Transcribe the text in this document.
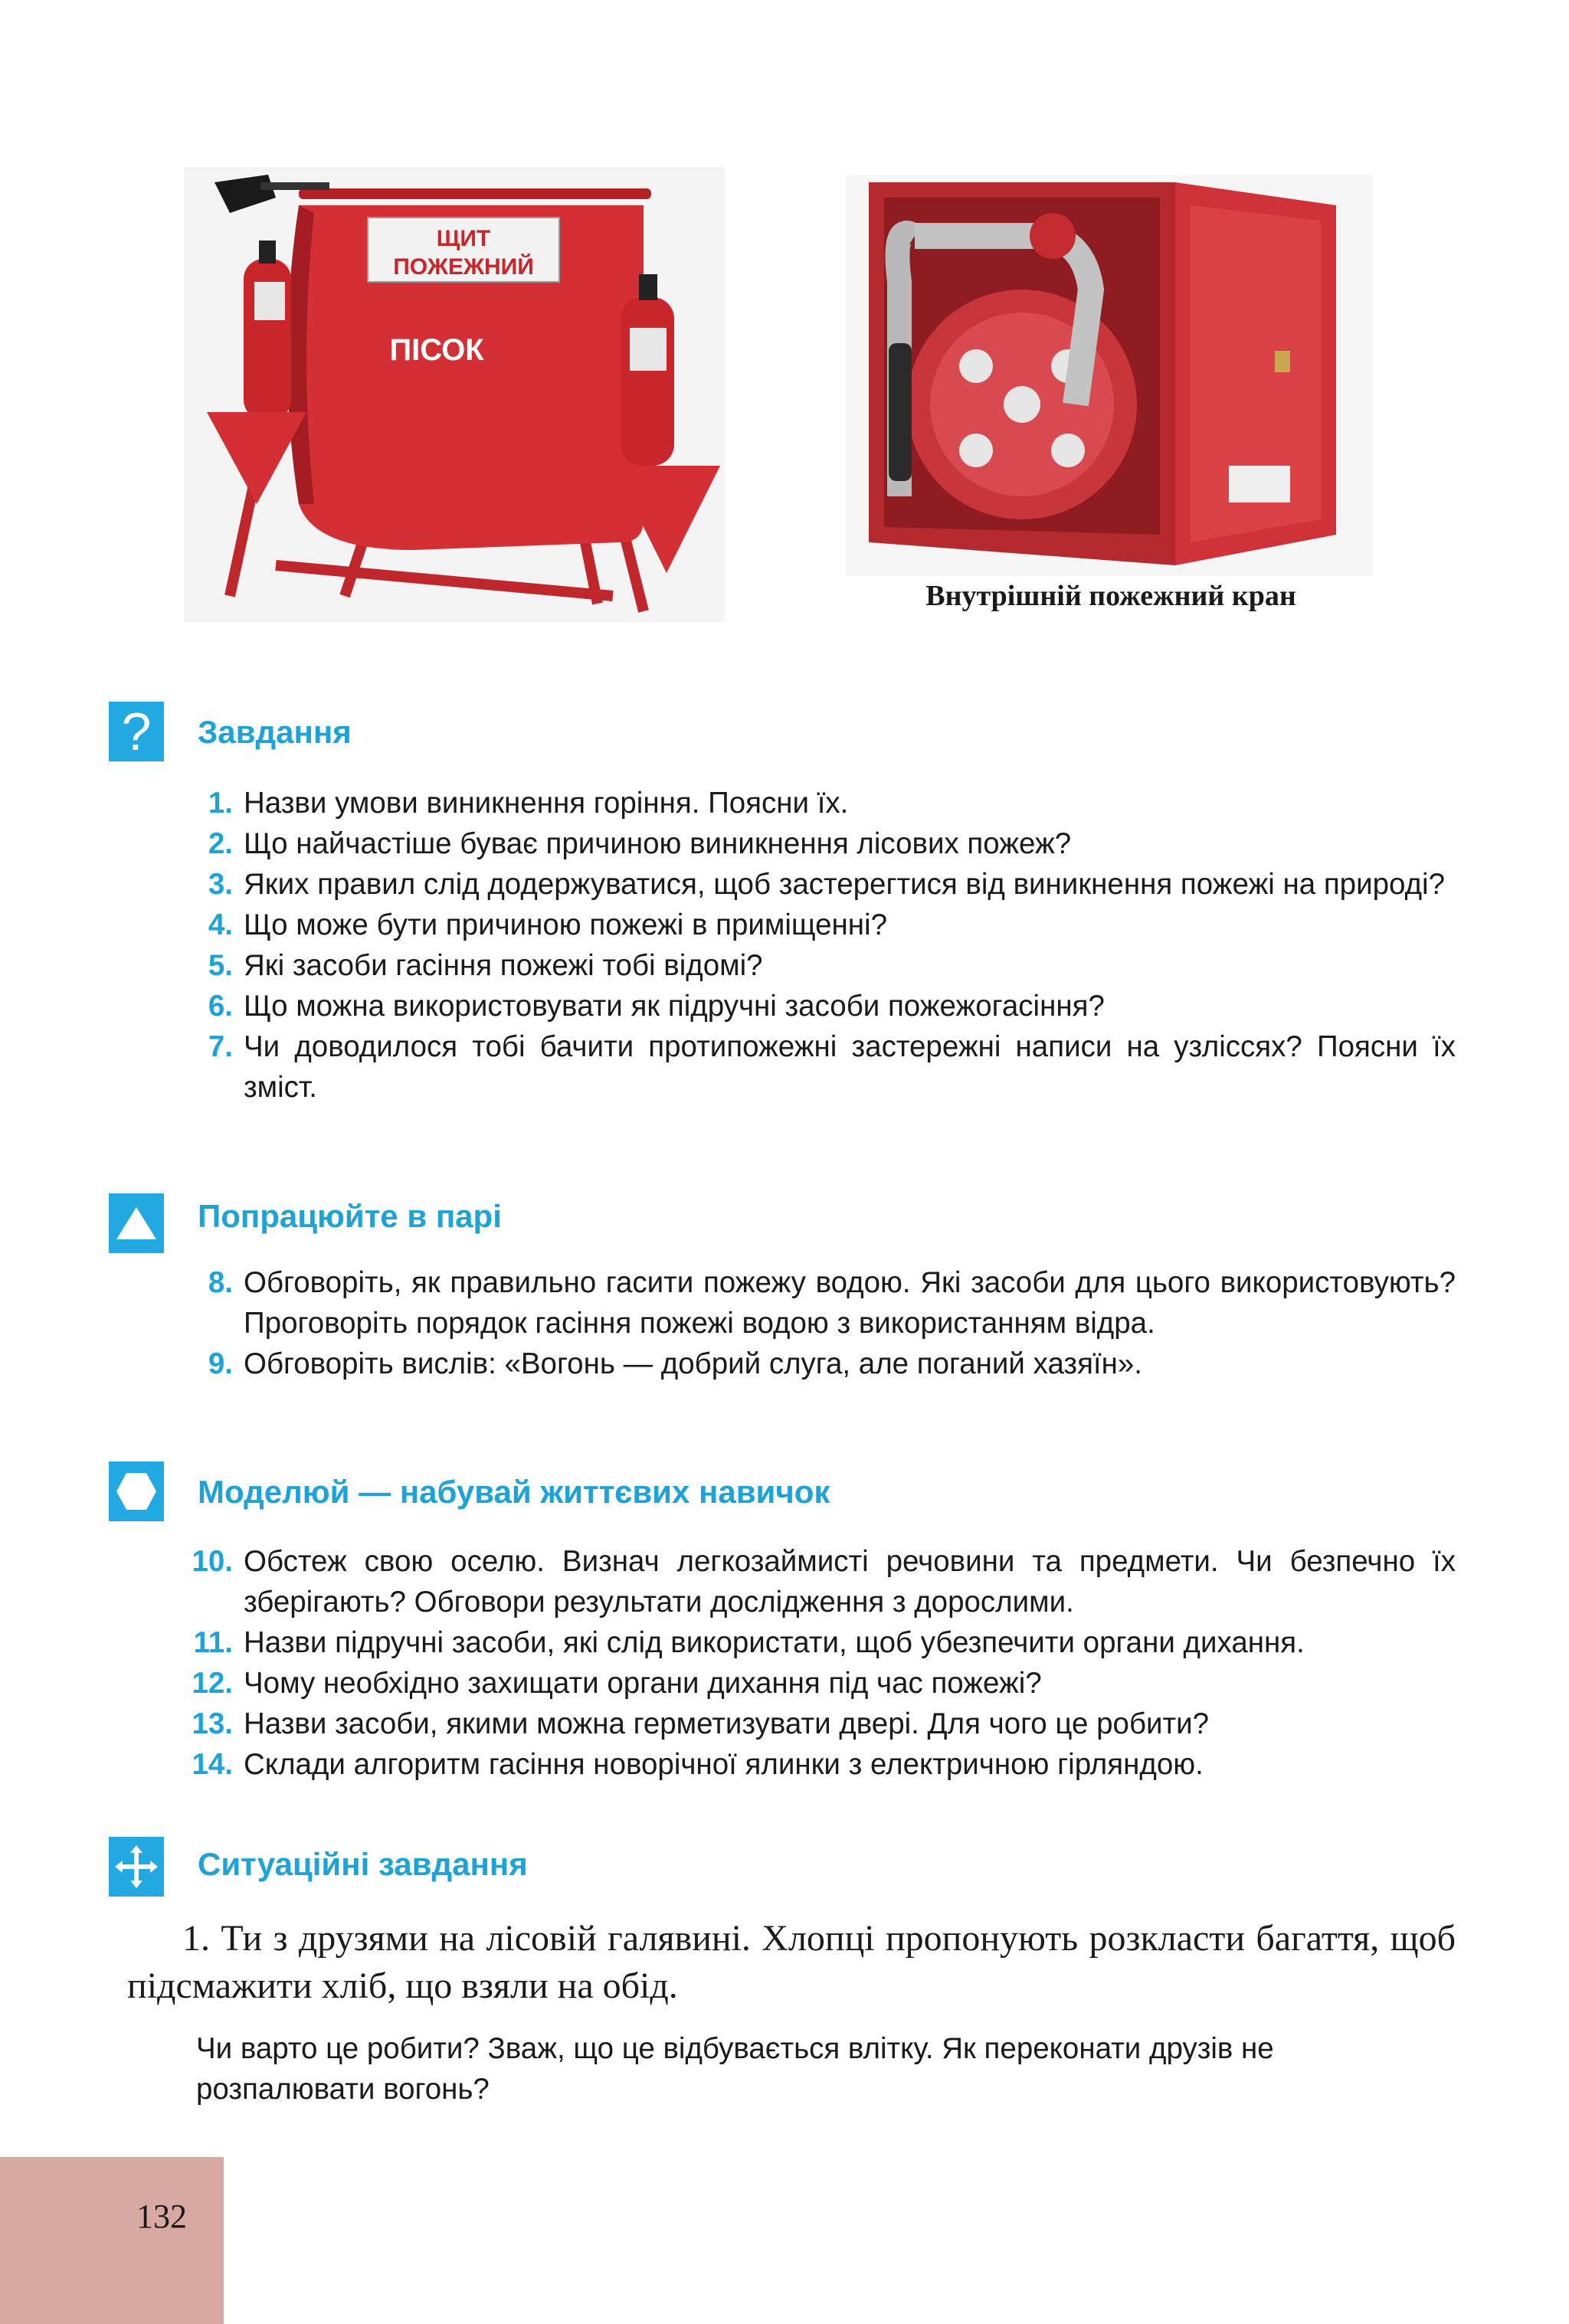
ЩИТ
ПОЖЕЖНИЙ
ПІСОК
Внутрішній пожежний кран
? Завдання
1. Назви умови виникнення горіння. Поясни їх.
2. Що найчастіше буває причиною виникнення лісових пожеж?
3. Яких правил слід додержуватися, щоб застерегтися від виникнення пожежі на природі?
4. Що може бути причиною пожежі в приміщенні?
5. Які засоби гасіння пожежі тобі відомі?
6. Що можна використовувати як підручні засоби пожежогасіння?
7. Чи доводилося тобі бачити протипожежні застережні написи на узліссях? Поясни їх зміст.
Попрацюйте в парі
8. Обговоріть, як правильно гасити пожежу водою. Які засоби для цього використовують? Проговоріть порядок гасіння пожежі водою з використанням відра.
9. Обговоріть вислів: «Вогонь — добрий слуга, але поганий хазяїн».
Моделюй — набувай життєвих навичок
10. Обстеж свою оселю. Визнач легкозаймисті речовини та предмети. Чи безпечно їх зберігають? Обговори результати дослідження з дорослими.
11. Назви підручні засоби, які слід використати, щоб убезпечити органи дихання.
12. Чому необхідно захищати органи дихання під час пожежі?
13. Назви засоби, якими можна герметизувати двері. Для чого це робити?
14. Склади алгоритм гасіння новорічної ялинки з електричною гірляндою.
Ситуаційні завдання
1. Ти з друзями на лісовій галявині. Хлопці пропонують розкласти багаття, щоб підсмажити хліб, що взяли на обід.
Чи варто це робити? Зваж, що це відбувається влітку. Як переконати друзів не розпалювати вогонь?
132
